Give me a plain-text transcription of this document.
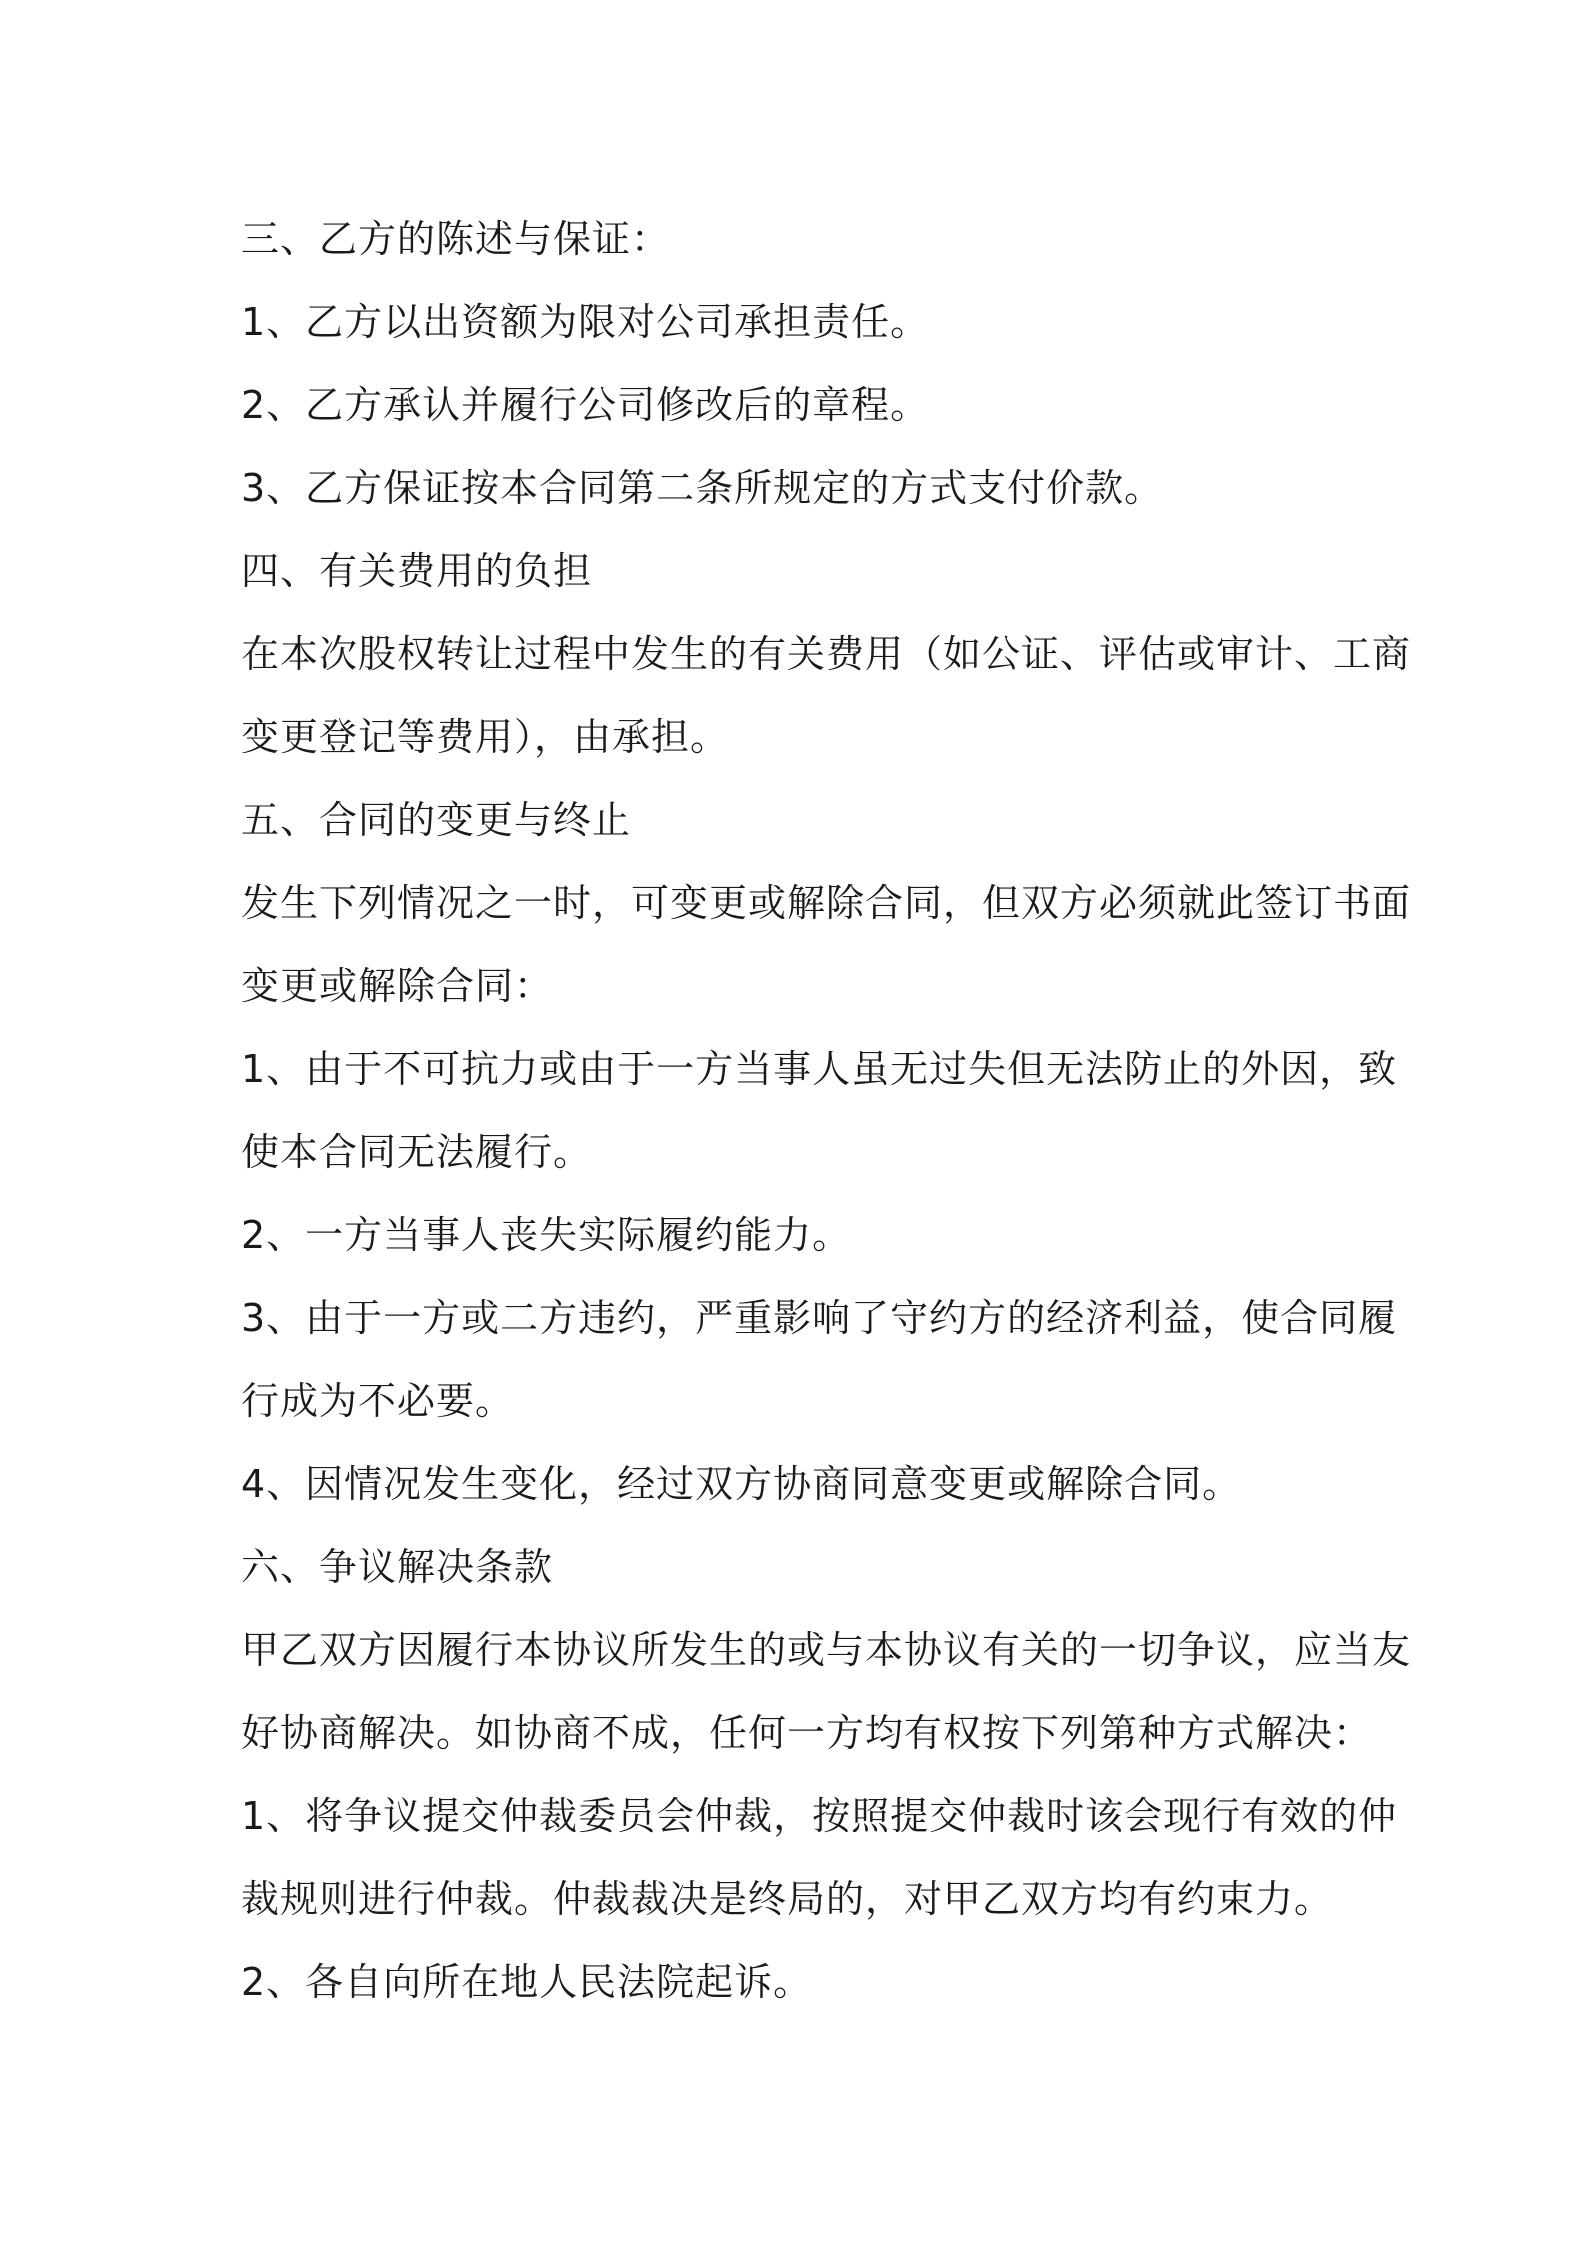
三、乙方的陈述与保证：
1、乙方以出资额为限对公司承担责任。
2、乙方承认并履行公司修改后的章程。
3、乙方保证按本合同第二条所规定的方式支付价款。
四、有关费用的负担
在本次股权转让过程中发生的有关费用（如公证、评估或审计、工商
变更登记等费用），由承担。
五、合同的变更与终止
发生下列情况之一时，可变更或解除合同，但双方必须就此签订书面
变更或解除合同：
1、由于不可抗力或由于一方当事人虽无过失但无法防止的外因，致
使本合同无法履行。
2、一方当事人丧失实际履约能力。
3、由于一方或二方违约，严重影响了守约方的经济利益，使合同履
行成为不必要。
4、因情况发生变化，经过双方协商同意变更或解除合同。
六、争议解决条款
甲乙双方因履行本协议所发生的或与本协议有关的一切争议，应当友
好协商解决。如协商不成，任何一方均有权按下列第种方式解决：
1、将争议提交仲裁委员会仲裁，按照提交仲裁时该会现行有效的仲
裁规则进行仲裁。仲裁裁决是终局的，对甲乙双方均有约束力。
2、各自向所在地人民法院起诉。
